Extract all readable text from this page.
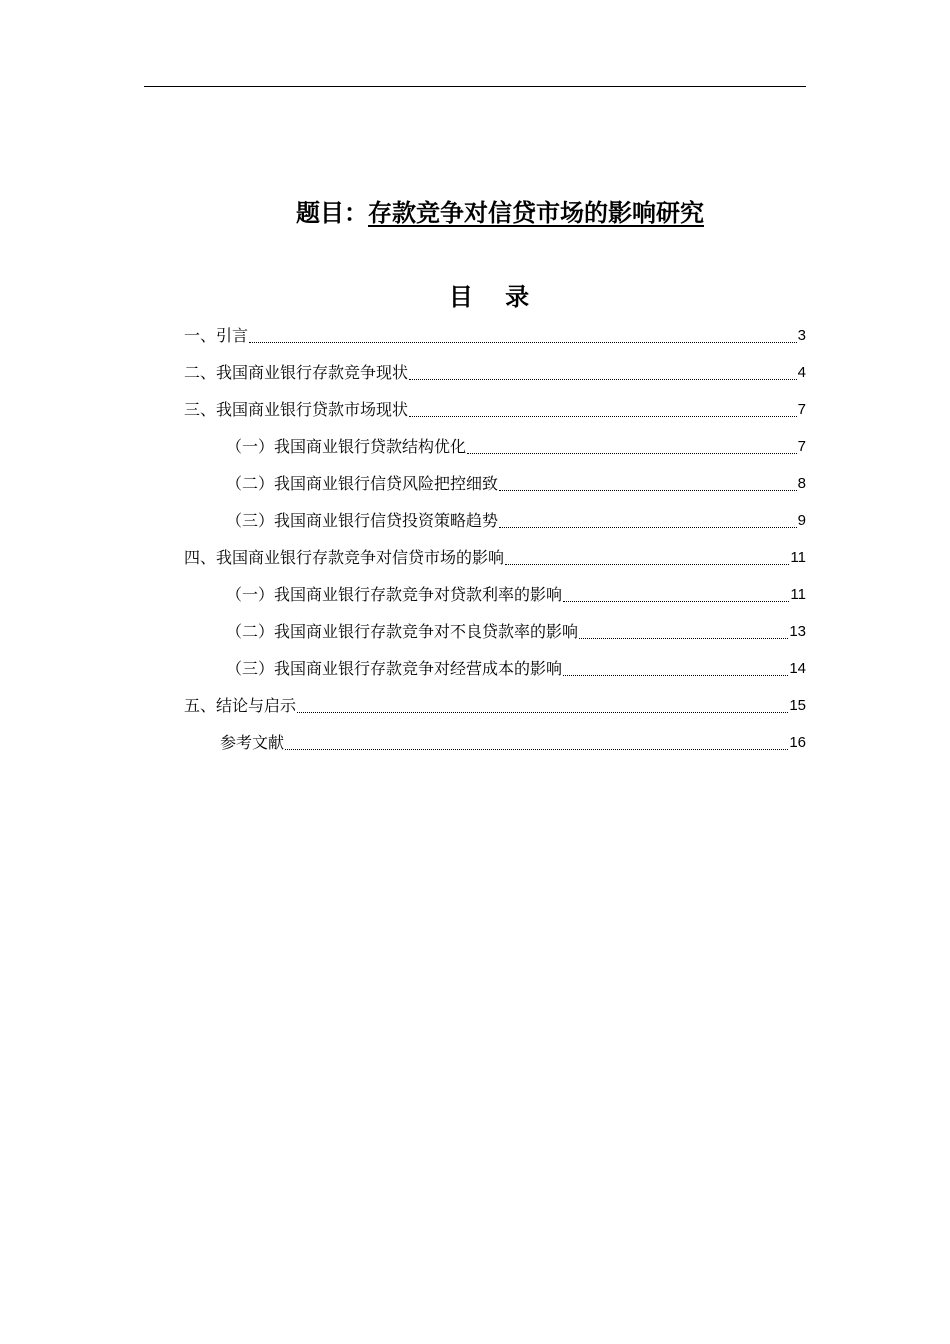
题目：存款竞争对信贷市场的影响研究
目 录
一、引言	3
二、我国商业银行存款竞争现状	4
三、我国商业银行贷款市场现状	7
（一）我国商业银行贷款结构优化	7
（二）我国商业银行信贷风险把控细致	8
（三）我国商业银行信贷投资策略趋势	9
四、我国商业银行存款竞争对信贷市场的影响	11
（一）我国商业银行存款竞争对贷款利率的影响	11
（二）我国商业银行存款竞争对不良贷款率的影响	13
（三）我国商业银行存款竞争对经营成本的影响	14
五、结论与启示	15
参考文献	16
